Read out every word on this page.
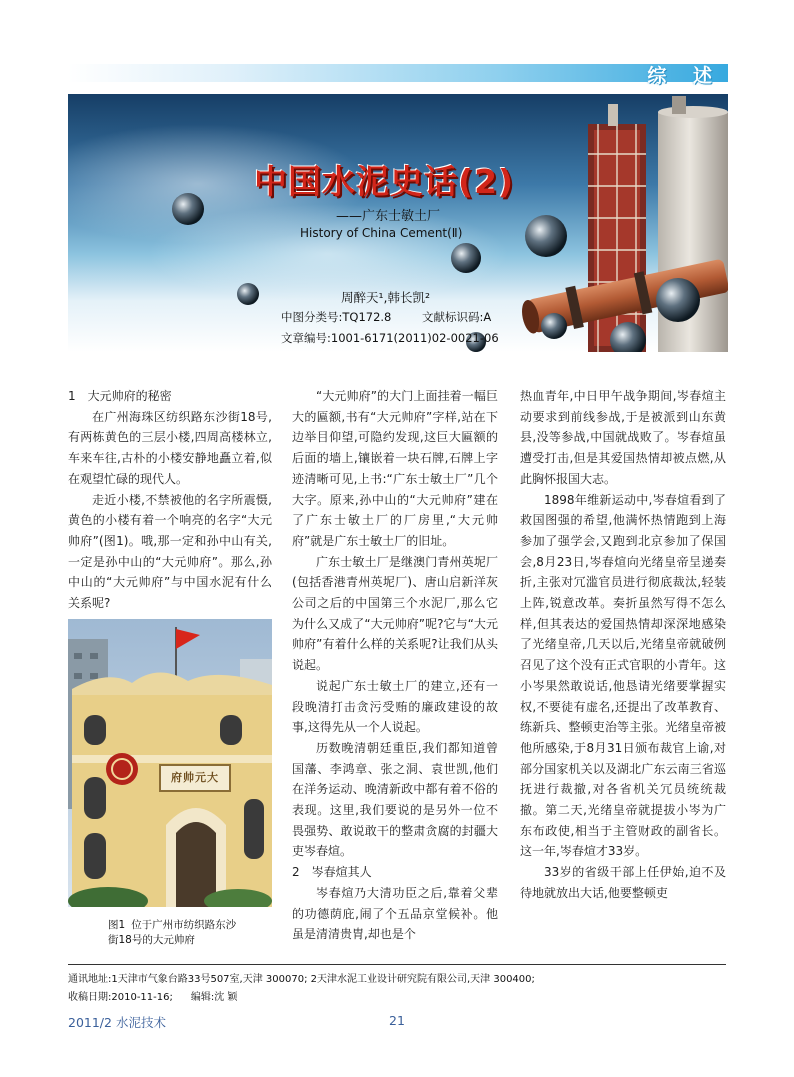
综 述
中国水泥史话(2)
——广东士敏土厂
History of China Cement(Ⅱ)
周醉天¹,韩长凯²
中图分类号:TQ172.8	文献标识码:A
文章编号:1001-6171(2011)02-0021-06
1　大元帅府的秘密

在广州海珠区纺织路东沙街18号,有两栋黄色的三层小楼,四周高楼林立,车来车往,古朴的小楼安静地矗立着,似在观望忙碌的现代人。

走近小楼,不禁被他的名字所震慑,黄色的小楼有着一个响亮的名字“大元帅府”(图1)。哦,那一定和孙中山有关,一定是孙中山的“大元帅府”。那么,孙中山的“大元帅府”与中国水泥有什么关系呢?

府帅元大
图1 位于广州市纺织路东沙街18号的大元帅府

“大元帅府”的大门上面挂着一幅巨大的匾额,书有“大元帅府”字样,站在下边举目仰望,可隐约发现,这巨大匾额的后面的墙上,镶嵌着一块石牌,石牌上字迹清晰可见,上书:“广东士敏土厂”几个大字。原来,孙中山的“大元帅府”建在了广东士敏土厂的厂房里,“大元帅府”就是广东士敏土厂的旧址。

广东士敏土厂是继澳门青州英坭厂(包括香港青州英坭厂)、唐山启新洋灰公司之后的中国第三个水泥厂,那么它为什么又成了“大元帅府”呢?它与“大元帅府”有着什么样的关系呢?让我们从头说起。

说起广东士敏土厂的建立,还有一段晚清打击贪污受贿的廉政建设的故事,这得先从一个人说起。

历数晚清朝廷重臣,我们都知道曾国藩、李鸿章、张之洞、袁世凯,他们在洋务运动、晚清新政中都有着不俗的表现。这里,我们要说的是另外一位不畏强势、敢说敢干的整肃贪腐的封疆大吏岑春煊。

2　岑春煊其人

岑春煊乃大清功臣之后,靠着父辈的功德荫庇,闹了个五品京堂候补。他虽是清清贵胄,却也是个

热血青年,中日甲午战争期间,岑春煊主动要求到前线参战,于是被派到山东黄县,没等参战,中国就战败了。岑春煊虽遭受打击,但是其爱国热情却被点燃,从此胸怀报国大志。

1898年维新运动中,岑春煊看到了救国图强的希望,他满怀热情跑到上海参加了强学会,又跑到北京参加了保国会,8月23日,岑春煊向光绪皇帝呈递奏折,主张对冗滥官员进行彻底裁汰,轻装上阵,锐意改革。奏折虽然写得不怎么样,但其表达的爱国热情却深深地感染了光绪皇帝,几天以后,光绪皇帝就破例召见了这个没有正式官职的小青年。这小岑果然敢说话,他恳请光绪要掌握实权,不要徒有虚名,还提出了改革教育、练新兵、整顿吏治等主张。光绪皇帝被他所感染,于8月31日颁布裁官上谕,对部分国家机关以及湖北广东云南三省巡抚进行裁撤,对各省机关冗员统统裁撤。第二天,光绪皇帝就提拔小岑为广东布政使,相当于主管财政的副省长。这一年,岑春煊才33岁。

33岁的省级干部上任伊始,迫不及待地就放出大话,他要整顿吏

通讯地址:1天津市气象台路33号507室,天津 300070; 2天津水泥工业设计研究院有限公司,天津 300400;
收稿日期:2010-11-16; 编辑:沈 颖
2011/2 水泥技术	21
